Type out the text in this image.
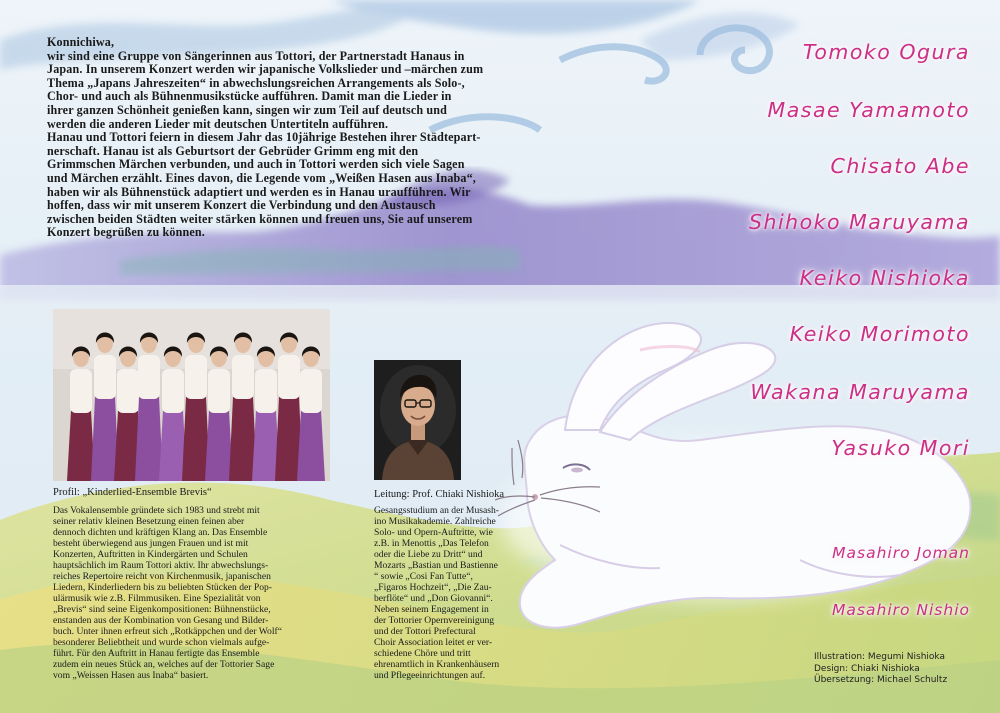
Konnichiwa,
wir sind eine Gruppe von Sängerinnen aus Tottori, der Partnerstadt Hanaus in
Japan. In unserem Konzert werden wir japanische Volkslieder und –märchen zum
Thema „Japans Jahreszeiten“ in abwechslungsreichen Arrangements als Solo-,
Chor- und auch als Bühnenmusikstücke aufführen. Damit man die Lieder in
ihrer ganzen Schönheit genießen kann, singen wir zum Teil auf deutsch und
werden die anderen Lieder mit deutschen Untertiteln aufführen.
Hanau und Tottori feiern in diesem Jahr das 10jährige Bestehen ihrer Städtepart-
nerschaft. Hanau ist als Geburtsort der Gebrüder Grimm eng mit den
Grimmschen Märchen verbunden, und auch in Tottori werden sich viele Sagen
und Märchen erzählt. Eines davon, die Legende vom „Weißen Hasen aus Inaba“,
haben wir als Bühnenstück adaptiert und werden es in Hanau uraufführen. Wir
hoffen, dass wir mit unserem Konzert die Verbindung und den Austausch
zwischen beiden Städten weiter stärken können und freuen uns, Sie auf unserem
Konzert begrüßen zu können.
Tomoko Ogura
Masae Yamamoto
Chisato Abe
Shihoko Maruyama
Keiko Nishioka
Keiko Morimoto
Wakana Maruyama
Yasuko Mori
Masahiro Joman
Masahiro Nishio
Profil: „Kinderlied-Ensemble Brevis“
Das Vokalensemble gründete sich 1983 und strebt mit
seiner relativ kleinen Besetzung einen feinen aber
dennoch dichten und kräftigen Klang an. Das Ensemble
besteht überwiegend aus jungen Frauen und ist mit
Konzerten, Auftritten in Kindergärten und Schulen
hauptsächlich im Raum Tottori aktiv. Ihr abwechslungs-
reiches Repertoire reicht von Kirchenmusik, japanischen
Liedern, Kinderliedern bis zu beliebten Stücken der Pop-
ulärmusik wie z.B. Filmmusiken. Eine Spezialität von
„Brevis“ sind seine Eigenkompositionen: Bühnenstücke,
enstanden aus der Kombination von Gesang und Bilder-
buch. Unter ihnen erfreut sich „Rotkäppchen und der Wolf“
besonderer Beliebtheit und wurde schon vielmals aufge-
führt. Für den Auftritt in Hanau fertigte das Ensemble
zudem ein neues Stück an, welches auf der Tottorier Sage
vom „Weissen Hasen aus Inaba“ basiert.
Leitung: Prof. Chiaki Nishioka
Gesangsstudium an der Musash-
ino Musikakademie. Zahlreiche
Solo- und Opern-Auftritte, wie
z.B. in Menottis „Das Telefon
oder die Liebe zu Dritt“ und
Mozarts „Bastian und Bastienne
“ sowie „Cosi Fan Tutte“,
„Figaros Hochzeit“, „Die Zau-
berflöte“ und „Don Giovanni“.
Neben seinem Engagement in
der Tottorier Opernvereinigung
und der Tottori Prefectural
Choir Association leitet er ver-
schiedene Chöre und tritt
ehrenamtlich in Krankenhäusern
und Pflegeeinrichtungen auf.
Illustration: Megumi Nishioka
Design: Chiaki Nishioka
Übersetzung: Michael Schultz
